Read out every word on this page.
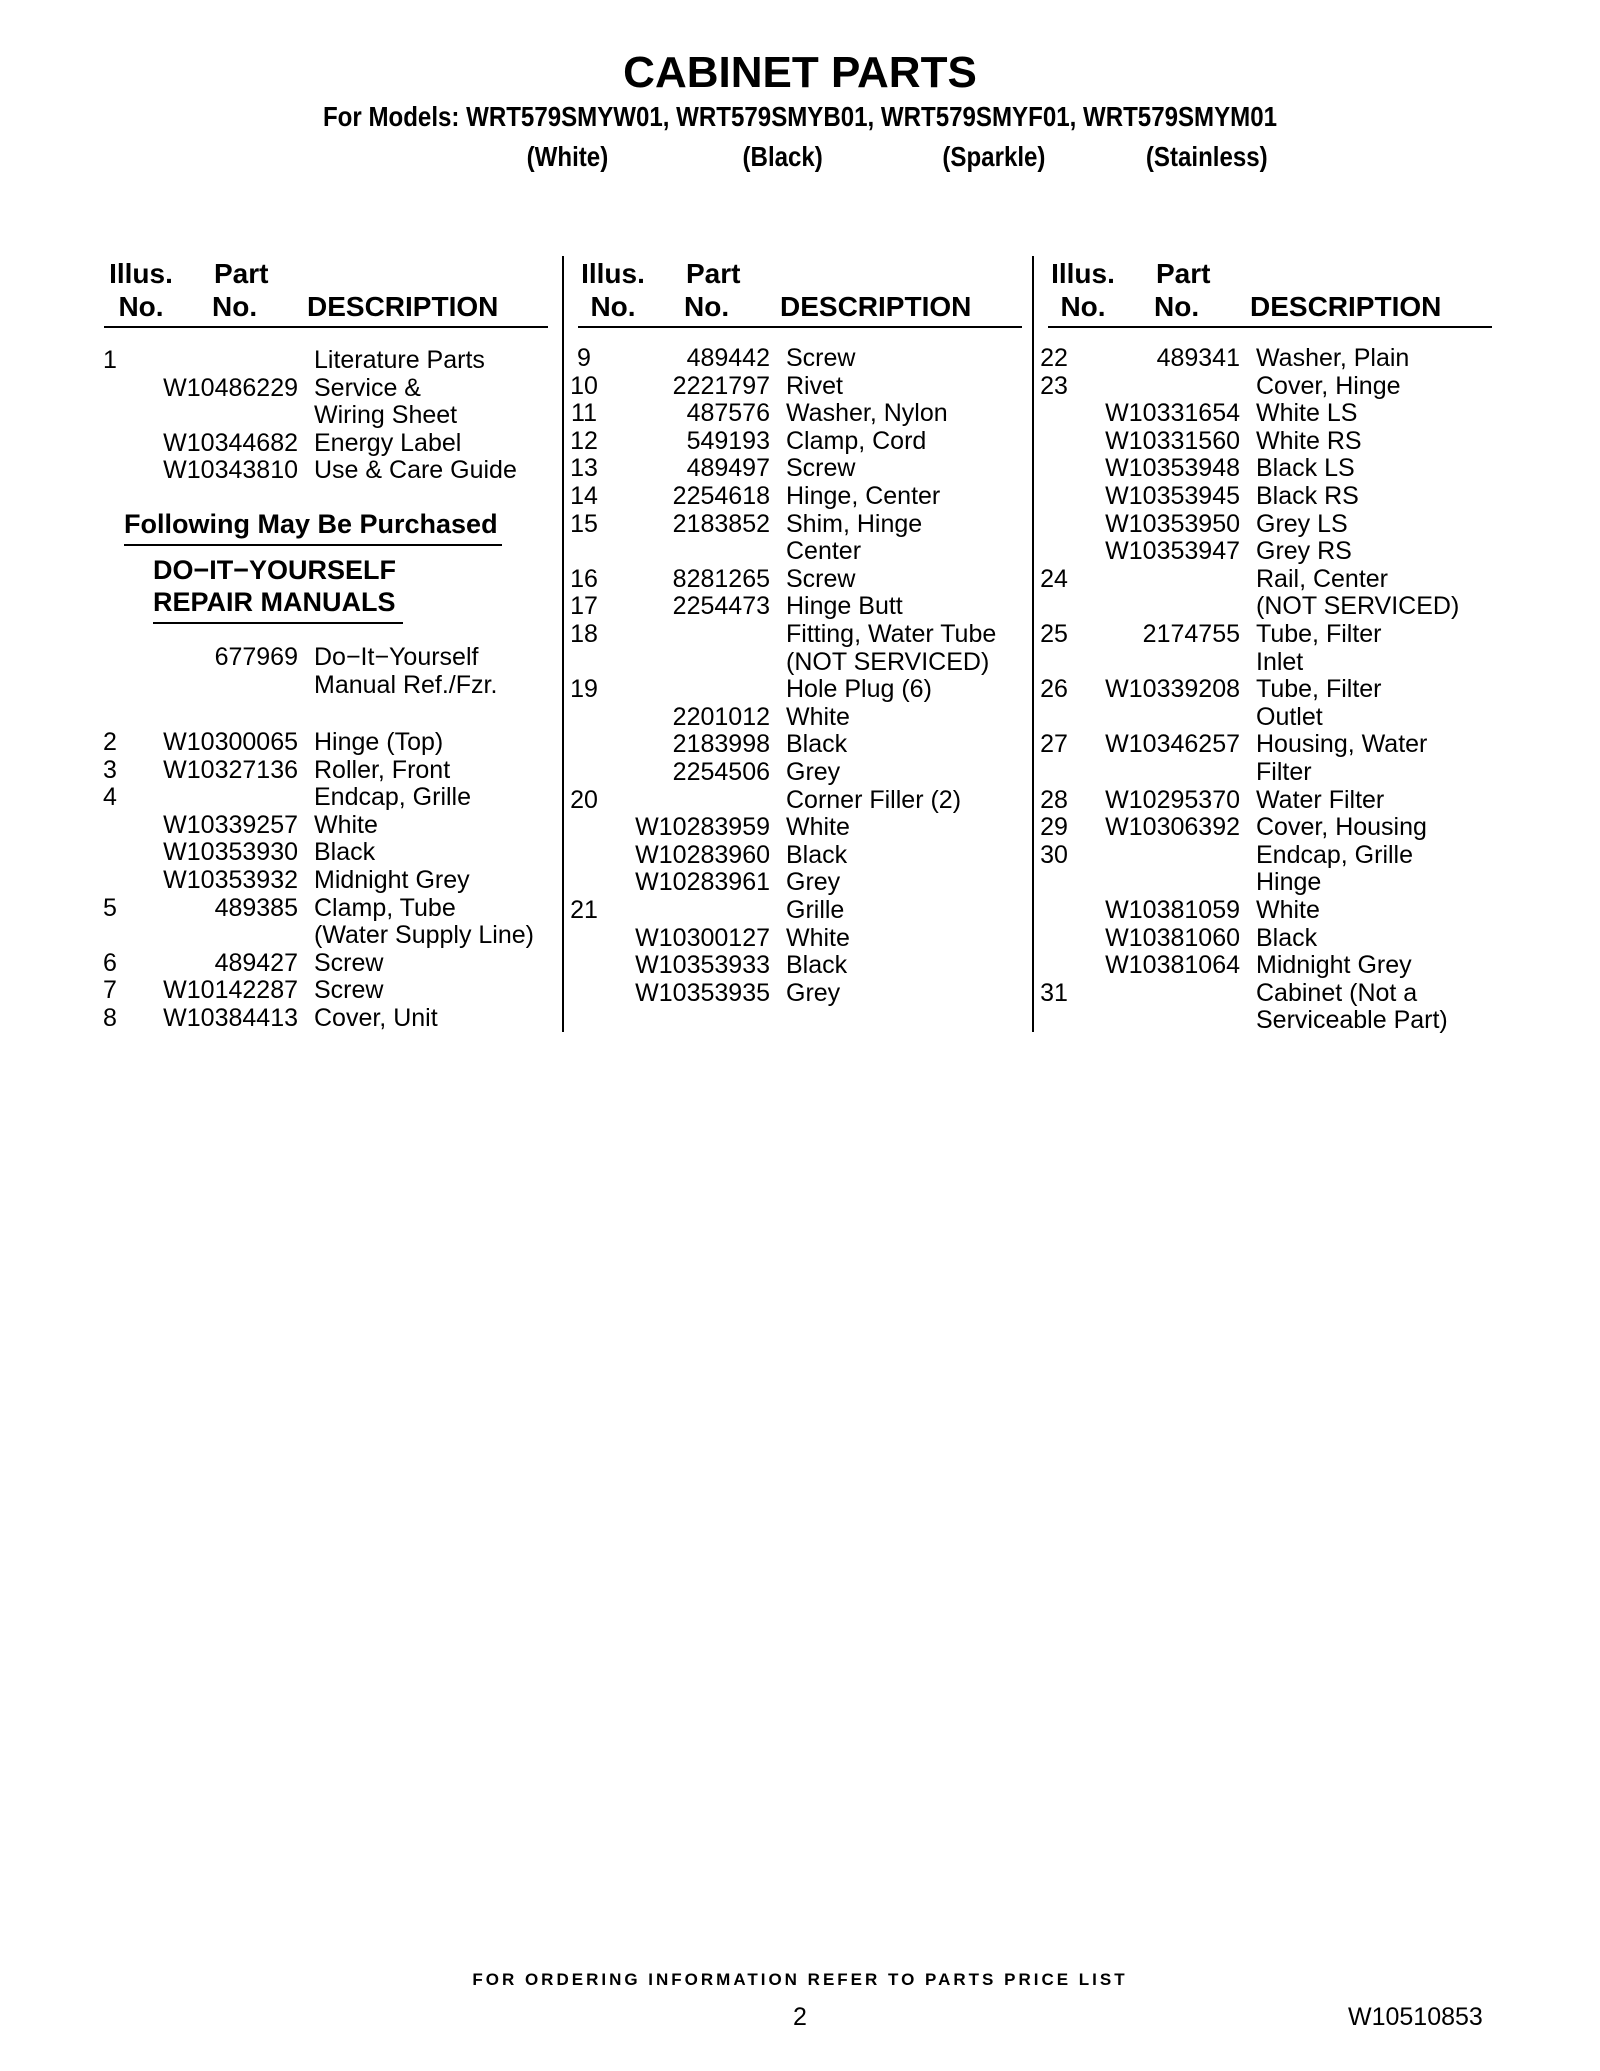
CABINET PARTS
For Models: WRT579SMYW01, WRT579SMYB01, WRT579SMYF01, WRT579SMYM01
(White)	(Black)	(Sparkle)	(Stainless)
Illus.
No.
Part
No. DESCRIPTION
Illus.
No.
Part
No. DESCRIPTION
Illus.
No.
Part
No. DESCRIPTION
1	Literature Parts
W10486229 Service &
Wiring Sheet
W10344682 Energy Label
W10343810 Use & Care Guide
677969 Do−It−Yourself
Manual Ref./Fzr.
2	W10300065 Hinge (Top)
3	W10327136 Roller, Front
4	Endcap, Grille
W10339257 White
W10353930 Black
W10353932 Midnight Grey
5	489385 Clamp, Tube
(Water Supply Line)
6	489427 Screw
7	W10142287 Screw
8	W10384413 Cover, Unit
9	489442 Screw
10	2221797 Rivet
11	487576 Washer, Nylon
12	549193 Clamp, Cord
13	489497 Screw
14	2254618 Hinge, Center
15	2183852 Shim, Hinge
Center
16	8281265 Screw
17	2254473 Hinge Butt
18	Fitting, Water Tube
(NOT SERVICED)
19	Hole Plug (6)
2201012 White
2183998 Black
2254506 Grey
20	Corner Filler (2)
W10283959 White
W10283960 Black
W10283961 Grey
21	Grille
W10300127 White
W10353933 Black
W10353935 Grey
22	489341 Washer, Plain
23	Cover, Hinge
W10331654 White LS
W10331560 White RS
W10353948 Black LS
W10353945 Black RS
W10353950 Grey LS
W10353947 Grey RS
24	Rail, Center
(NOT SERVICED)
25	2174755 Tube, Filter
Inlet
26	W10339208 Tube, Filter
Outlet
27	W10346257 Housing, Water
Filter
28	W10295370 Water Filter
29	W10306392 Cover, Housing
30	Endcap, Grille
Hinge
W10381059 White
W10381060 Black
W10381064 Midnight Grey
31	Cabinet (Not a
Serviceable Part)
Following May Be Purchased
DO−IT−YOURSELF
REPAIR MANUALS
FOR ORDERING INFORMATION REFER TO PARTS PRICE LIST
2	W10510853
